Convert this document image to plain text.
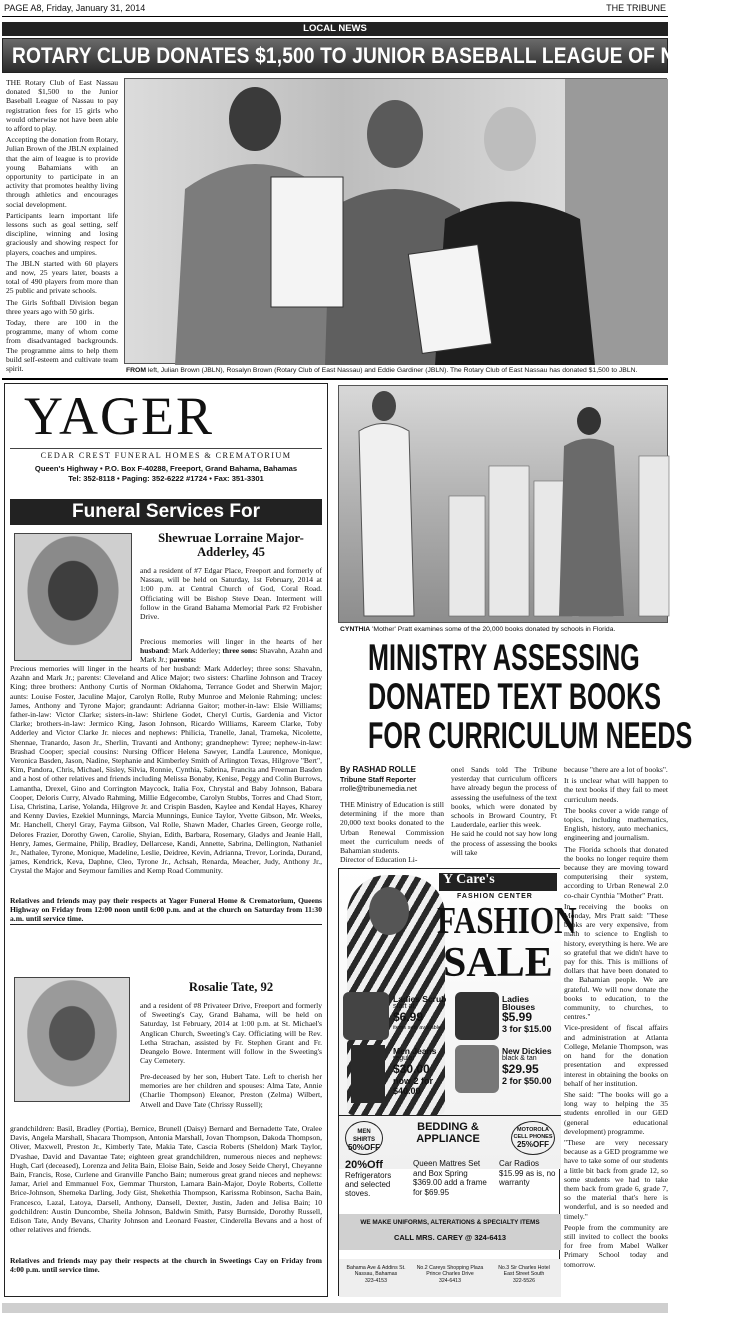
PAGE A8, Friday, January 31, 2014	THE TRIBUNE
LOCAL NEWS
ROTARY CLUB DONATES $1,500 TO JUNIOR BASEBALL LEAGUE OF NASSAU

THE Rotary Club of East Nassau donated $1,500 to the Junior Baseball League of Nassau to pay registration fees for 15 girls who would otherwise not have been able to afford to play.

Accepting the donation from Rotary, Julian Brown of the JBLN explained that the aim of league is to provide young Bahamians with an opportunity to participate in an activity that promotes healthy living through athletics and encourages social development.

Participants learn important life lessons such as goal setting, self discipline, winning and losing graciously and showing respect for players, coaches and umpires.

The JBLN started with 60 players and now, 25 years later, boasts a total of 490 players from more than 25 public and private schools.

The Girls Softball Division began three years ago with 50 girls.

Today, there are 100 in the programme, many of whom come from disadvantaged backgrounds. The programme aims to help them build self-esteem and cultivate team spirit.	FROM left, Julian Brown (JBLN), Rosalyn Brown (Rotary Club of East Nassau) and Eddie Gardiner (JBLN). The Rotary Club of East Nassau has donated $1,500 to JBLN.
YAGER
CEDAR CREST FUNERAL HOMES & CREMATORIUM
Queen's Highway • P.O. Box F-40288, Freeport, Grand Bahama, Bahamas
Tel: 352-8118 • Paging: 352-6222 #1724 • Fax: 351-3301
Funeral Services For
Shewruae Lorraine Major-Adderley, 45
and a resident of #7 Edgar Place, Freeport and formerly of Nassau, will be held on Saturday, 1st February, 2014 at 1:00 p.m. at Central Church of God, Coral Road. Officiating will be Bishop Steve Dean. Interment will follow in the Grand Bahama Memorial Park #2 Frobisher Drive.
Precious memories will linger in the hearts of her husband: Mark Adderley; three sons: Shavahn, Azahn and Mark Jr.; parents:
Precious memories will linger in the hearts of her husband: Mark Adderley; three sons: Shavahn, Azahn and Mark Jr.; parents: Cleveland and Alice Major; two sisters: Charline Johnson and Tracey King; three brothers: Anthony Curtis of Norman Oklahoma, Terrance Godet and Sherwin Major; aunts: Louise Foster, Jaculine Major, Carolyn Rolle, Ruby Munroe and Melonie Rahming; uncles: James, Anthony and Tyrone Major; grandaunt: Adrianna Gaitor; mother-in-law: Elsie Williams; father-in-law: Victor Clarke; sisters-in-law: Shirlene Godet, Cheryl Curtis, Gardenia and Victor Clarke; brothers-in-law: Jermico King, Jason Johnson, Ricardo Williams, Kareem Clarke, Toby Adderley and Victor Clarke Jr. nieces and nephews: Philicia, Tranelle, Janal, Trameka, Nicolette, Shennae, Tranardo, Jason Jr., Sherlin, Travanti and Anthony; grandnephew: Tyree; nephew-in-law: Brashad Cooper; special cousins: Nursing Officer Helena Sawyer, Landfa Laurence, Monique, Veronica Basden, Jason, Nadine, Stephanie and Kimberley Smith of Arlington Texas, Hilgrove "Bert", Kim, Pandora, Chris, Michael, Sisley, Silvia, Ronnie, Cynthia, Sabrina, Francita and Freeman Basden and a host of other relatives and friends including Melissa Bonaby, Kenise, Peggy and Colin Burrows, Lamantha, Drexel, Gino and Corrington Maycock, Italia Fox, Chrystal and Baby Johnson, Babara Cooper, Deloris Curry, Alvado Rahming, Millie Edgecombe, Carolyn Stubbs, Torres and Chad Storr, Lisa, Christina, Larise, Yolanda, Hilgrove Jr. and Crispin Basden, Kaylee and Kendal Hayes, Kharey and Kenny Davies, Ezekiel Munnings, Marcia Munnings, Eunice Taylor, Yvette Gibson, Mr. Weeks, Mr. Hanchell, Cheryl Gray, Fayma Gibson, Val Rolle, Shawn Mader, Charles Green, George rolle, Delores Frazier, Dorothy Gwen, Carolie, Shyian, Edith, Barbara, Rosemary, Gladys and Jeanie Hall, Henry, James, Germaine, Philip, Bradley, Dellarcese, Kandi, Annette, Sabrina, Dellington, Nathaniel Jr., Nathalee, Tyrone, Monique, Madeline, Leslie, Deidree, Kevin, Adrianna, Trevor, Lorinda, Durand, james, Kendrick, Keva, Daphne, Cleo, Tyrone Jr., Achsah, Renarda, Meacher, Judy, Anthony Jr., Crystal the Major and Seymour families and Kemp Road Community.
Relatives and friends may pay their respects at Yager Funeral Home & Crematorium, Queens Highway on Friday from 12:00 noon until 6:00 p.m. and at the church on Saturday from 11:30 a.m. until service time.
Rosalie Tate, 92
and a resident of #8 Privateer Drive, Freeport and formerly of Sweeting's Cay, Grand Bahama, will be held on Saturday, 1st February, 2014 at 1:00 p.m. at St. Michael's Anglican Church, Sweeting's Cay. Officiating will be Rev. Letha Strachan, assisted by Fr. Stephen Grant and Fr. Deangelo Bowe. Interment will follow in the Sweeting's Cay Cemetery.
Pre-deceased by her son, Hubert Tate. Left to cherish her memories are her children and spouses: Alma Tate, Annie (Charlie Thompson) Eleanor, Preston (Zelma) Wilbert, Atwell and Dave Tate (Chrissy Russell);
grandchildren: Basil, Bradley (Portia), Bernice, Brunell (Daisy) Bernard and Bernadette Tate, Oralee Davis, Angela Marshall, Shacara Thompson, Antonia Marshall, Jovan Thompson, Dakoda Thompson, Oliver, Maxwell, Preston Jr., Kimberly Tate, Makia Tate, Cascia Roberts (Sheldon) Mark Taylor, D'vashae, David and Davantae Tate; eighteen great grandchildren, numerous nieces and nephews: Hugh, Carl (deceased), Lorenza and Jelita Bain, Eloise Bain, Seide and Josey Seide Cheryl, Cheyanne Bain, Francis, Rose, Curlene and Granville Pancho Bain; numerous great grand nieces and nephews: Jamar, Ariel and Emmanuel Fox, Gemmar Thurston, Lamara Bain-Major, Doyle Roberts, Collette Brice-Johnson, Shemeka Darling, Jody Gist, Shekethia Thompson, Karissma Robinson, Sacha Bain, Francesco, Lazal, Latoya, Darsell, Anthony, Dansell, Dexter, Justin, Jaden and Jelisa Bain; 10 godchildren: Austin Duncombe, Sheila Johnson, Baldwin Smith, Patsy Burnside, Dorothy Russell, Edison Tate, Andy Bevans, Charity Johnson and Leonard Feaster, Cinderella Bevans and a host of other relatives and friends.
Relatives and friends may pay their respects at the church in Sweetings Cay on Friday from 4:00 p.m. until service time.
CYNTHIA 'Mother' Pratt examines some of the 20,000 books donated by schools in Florida.
MINISTRY ASSESSING
DONATED TEXT BOOKS
FOR CURRICULUM NEEDS
By RASHAD ROLLE
Tribune Staff Reporter
rrolle@tribunemedia.net
THE Ministry of Education is still determining if the more than 20,000 text books donated to the Urban Renewal Commission meet the curriculum needs of Bahamian students.
Director of Education Li-
onel Sands told The Tribune yesterday that curriculum officers have already begun the process of assessing the usefulness of the text books, which were donated by schools in Broward Country, Ft Lauderdale, earlier this week.
He said he could not say how long the process of assessing the books will take

because "there are a lot of books".

It is unclear what will happen to the text books if they fail to meet curriculum needs.

The books cover a wide range of topics, including mathematics, English, history, auto mechanics, engineering and journalism.

The Florida schools that donated the books no longer require them because they are moving toward computerising their system, according to Urban Renewal 2.0 co-chair Cynthia "Mother" Pratt.

In receiving the books on Monday, Mrs Pratt said: "These books are very expensive, from math to science to English to history, everything is here. We are so grateful that we didn't have to pay for this. This is millions of dollars that have been donated to the Bahamian people. We are grateful. We will now donate the books to education, to the community, to churches, to centres."

Vice-president of fiscal affairs and administration at Atlanta College, Melanie Thompson, was on hand for the donation presentation and expressed interest in obtaining the books on behalf of her institution.

She said: "The books will go a long way to helping the 35 students enrolled in our GED (general educational development) programme.

"These are very necessary because as a GED programme we have to take some of our students a little bit back from grade 12, so some students we had to take them back from grade 6, grade 7, so the material that's here is wonderful, and is so needed and timely."

People from the community are still invited to collect the books for free from Mabel Walker Primary School today and tomorrow.

Y Care's
FASHION CENTER
FASHION
SALE
Ladies Scrub
start at
$6.99
items sets available
Ladies Blouses
$5.99
3 for $15.00
Men Jeans
regular
$30.00
now 2 for $40.00
New Dickies
black & tan
$29.95
2 for $50.00
MEN SHIRTS
50%OFF
BEDDING & APPLIANCE
MOTOROLA CELL PHONES
25%OFF
20%Off
Refrigerators and selected stoves.
Queen Mattres Set and Box Spring $369.00 add a frame for $69.95
Car Radios $15.99 as is, no warranty
WE MAKE UNIFORMS, ALTERATIONS & SPECIALTY ITEMS
CALL MRS. CAREY @ 324-6413
Bahama Ave & Addins St.
Nassau, Bahamas
323-4153
No.2 Careys Shopping Plaza
Prince Charles Drive
324-6413
No.3 Sir Charles Hotel
East Street South
322-5526
